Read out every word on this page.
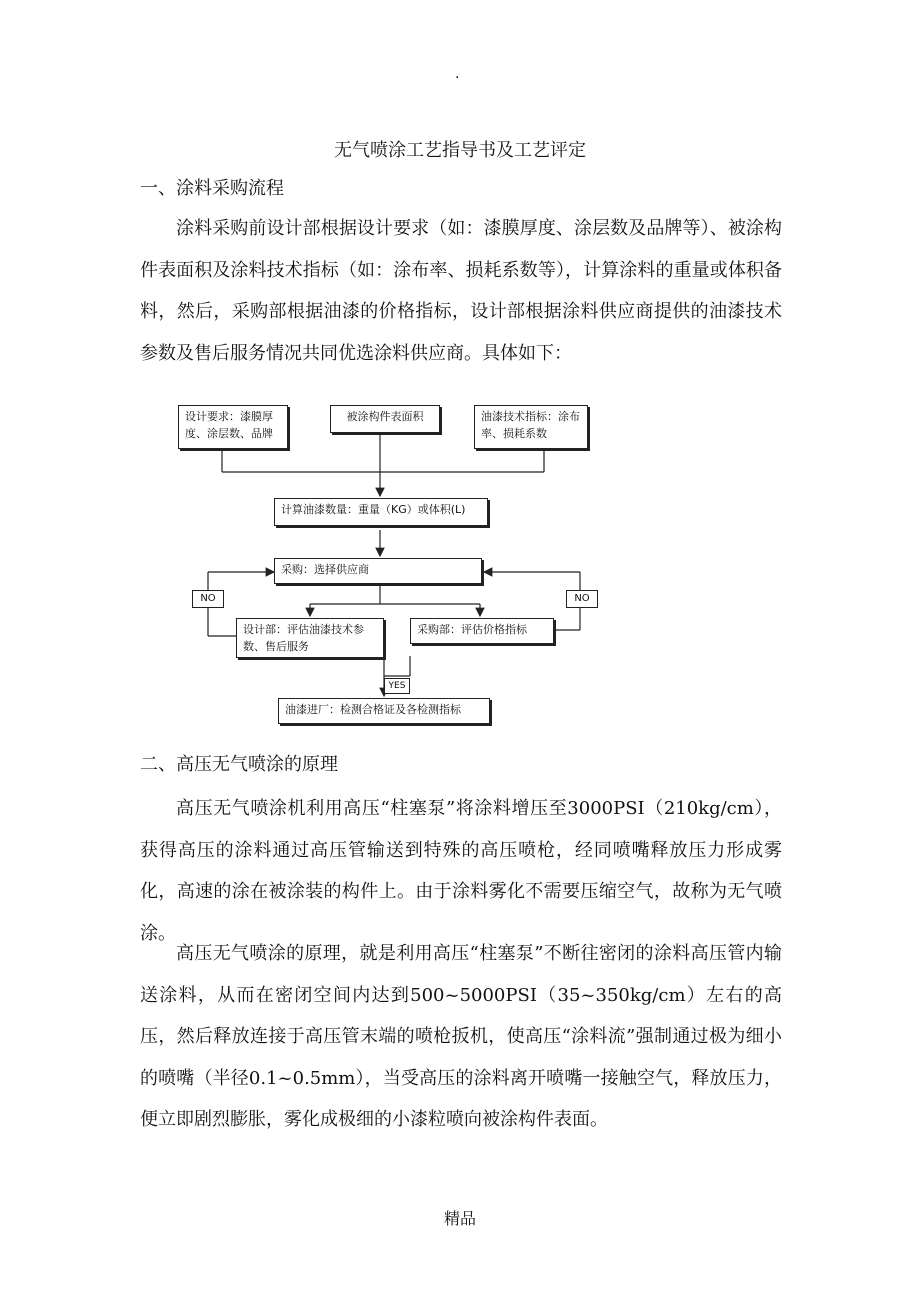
.
无气喷涂工艺指导书及工艺评定
一、涂料采购流程

涂料采购前设计部根据设计要求（如：漆膜厚度、涂层数及品牌等）、被涂构件表面积及涂料技术指标（如：涂布率、损耗系数等），计算涂料的重量或体积备料，然后，采购部根据油漆的价格指标，设计部根据涂料供应商提供的油漆技术参数及售后服务情况共同优选涂料供应商。具体如下：

设计要求：漆膜厚度、涂层数、品牌
被涂构件表面积	油漆技术指标：涂布率、损耗系数
计算油漆数量：重量（KG）或体积(L)
采购：选择供应商
NO	NO
设计部：评估油漆技术参数、售后服务
采购部：评估价格指标
YES
油漆进厂：检测合格证及各检测指标
二、高压无气喷涂的原理

高压无气喷涂机利用高压“柱塞泵”将涂料增压至3000PSI（210kg/cm），获得高压的涂料通过高压管输送到特殊的高压喷枪，经同喷嘴释放压力形成雾化，高速的涂在被涂装的构件上。由于涂料雾化不需要压缩空气，故称为无气喷涂。

高压无气喷涂的原理，就是利用高压“柱塞泵”不断往密闭的涂料高压管内输送涂料，从而在密闭空间内达到500~5000PSI（35~350kg/cm）左右的高压，然后释放连接于高压管末端的喷枪扳机，使高压“涂料流”强制通过极为细小的喷嘴（半径0.1~0.5mm），当受高压的涂料离开喷嘴一接触空气，释放压力，便立即剧烈膨胀，雾化成极细的小漆粒喷向被涂构件表面。

精品
